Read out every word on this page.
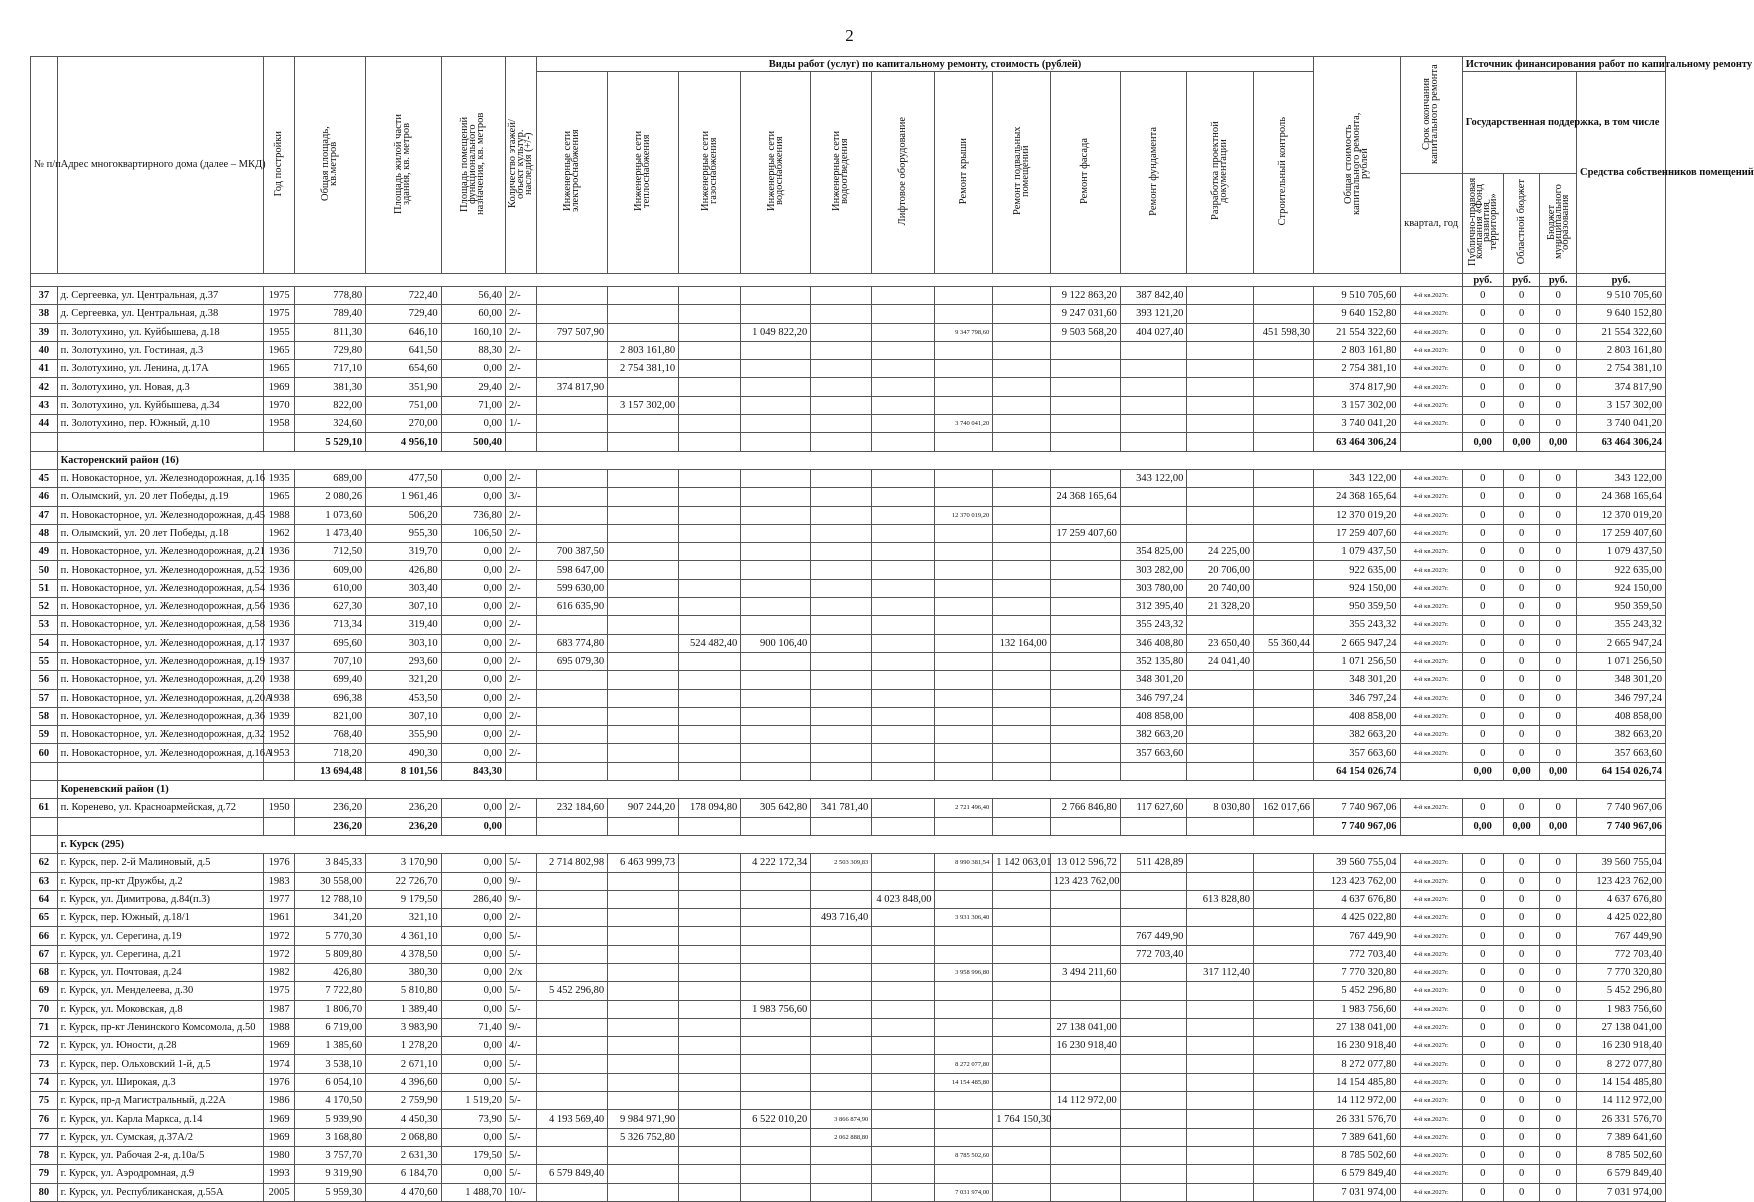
2
№ п/п	Адрес многоквартирного дома (далее – МКД)	Год постройки	Общая площадь, кв.метров	Площадь жилой части здания, кв. метров	Площадь помещений функционального назначения, кв. метров	Количество этажей/объект культур. наследия (+/-)	Виды работ (услуг) по капитальному ремонту, стоимость (рублей)												Общая стоимость капитального ремонта, рублей	Срок окончания капитального ремонта	Источник финансирования работ по капитальному ремонту			
							Инженерные сети электроснабжения	Инженерные сети теплоснабжения	Инженерные сети газоснабжения	Инженерные сети водоснабжения	Инженерные сети водоотведения	Лифтовое оборудование	Ремонт крыши	Ремонт подвальных помещений	Ремонт фасада	Ремонт фундамента	Разработка проектной документации	Строительный контроль			Государственная поддержка, в том числе			Средства собственников помещений
																				квартал, год	Публично-правовая компания «Фонд развития территорий»	Областной бюджет	Бюджет муниципального образования	
																					руб.	руб.	руб.	руб.
37	д. Сергеевка, ул. Центральная, д.37	1975	778,80	722,40	56,40	2/-									9 122 863,20	387 842,40			9 510 705,60	4-й кв.2027г.	0	0	0	9 510 705,60
38	д. Сергеевка, ул. Центральная, д.38	1975	789,40	729,40	60,00	2/-									9 247 031,60	393 121,20			9 640 152,80	4-й кв.2027г.	0	0	0	9 640 152,80
39	п. Золотухино, ул. Куйбышева, д.18	1955	811,30	646,10	160,10	2/-	797 507,90			1 049 822,20			9 347 798,60		9 503 568,20	404 027,40		451 598,30	21 554 322,60	4-й кв.2027г.	0	0	0	21 554 322,60
40	п. Золотухино, ул. Гостиная, д.3	1965	729,80	641,50	88,30	2/-		2 803 161,80											2 803 161,80	4-й кв.2027г.	0	0	0	2 803 161,80
41	п. Золотухино, ул. Ленина, д.17А	1965	717,10	654,60	0,00	2/-		2 754 381,10											2 754 381,10	4-й кв.2027г.	0	0	0	2 754 381,10
42	п. Золотухино, ул. Новая, д.3	1969	381,30	351,90	29,40	2/-	374 817,90												374 817,90	4-й кв.2027г.	0	0	0	374 817,90
43	п. Золотухино, ул. Куйбышева, д.34	1970	822,00	751,00	71,00	2/-		3 157 302,00											3 157 302,00	4-й кв.2027г.	0	0	0	3 157 302,00
44	п. Золотухино, пер. Южный, д.10	1958	324,60	270,00	0,00	1/-							3 740 041,20						3 740 041,20	4-й кв.2027г.	0	0	0	3 740 041,20
			5 529,10	4 956,10	500,40														63 464 306,24		0,00	0,00	0,00	63 464 306,24
	Касторенский район (16)																							
45	п. Новокасторное, ул. Железнодорожная, д.16	1935	689,00	477,50	0,00	2/-										343 122,00			343 122,00	4-й кв.2027г.	0	0	0	343 122,00
46	п. Олымский, ул. 20 лет Победы, д.19	1965	2 080,26	1 961,46	0,00	3/-									24 368 165,64				24 368 165,64	4-й кв.2027г.	0	0	0	24 368 165,64
47	п. Новокасторное, ул. Железнодорожная, д.45	1988	1 073,60	506,20	736,80	2/-							12 370 019,20						12 370 019,20	4-й кв.2027г.	0	0	0	12 370 019,20
48	п. Олымский, ул. 20 лет Победы, д.18	1962	1 473,40	955,30	106,50	2/-									17 259 407,60				17 259 407,60	4-й кв.2027г.	0	0	0	17 259 407,60
49	п. Новокасторное, ул. Железнодорожная, д.21	1936	712,50	319,70	0,00	2/-	700 387,50									354 825,00	24 225,00		1 079 437,50	4-й кв.2027г.	0	0	0	1 079 437,50
50	п. Новокасторное, ул. Железнодорожная, д.52	1936	609,00	426,80	0,00	2/-	598 647,00									303 282,00	20 706,00		922 635,00	4-й кв.2027г.	0	0	0	922 635,00
51	п. Новокасторное, ул. Железнодорожная, д.54	1936	610,00	303,40	0,00	2/-	599 630,00									303 780,00	20 740,00		924 150,00	4-й кв.2027г.	0	0	0	924 150,00
52	п. Новокасторное, ул. Железнодорожная, д.56	1936	627,30	307,10	0,00	2/-	616 635,90									312 395,40	21 328,20		950 359,50	4-й кв.2027г.	0	0	0	950 359,50
53	п. Новокасторное, ул. Железнодорожная, д.58	1936	713,34	319,40	0,00	2/-										355 243,32			355 243,32	4-й кв.2027г.	0	0	0	355 243,32
54	п. Новокасторное, ул. Железнодорожная, д.17	1937	695,60	303,10	0,00	2/-	683 774,80		524 482,40	900 106,40				132 164,00		346 408,80	23 650,40	55 360,44	2 665 947,24	4-й кв.2027г.	0	0	0	2 665 947,24
55	п. Новокасторное, ул. Железнодорожная, д.19	1937	707,10	293,60	0,00	2/-	695 079,30									352 135,80	24 041,40		1 071 256,50	4-й кв.2027г.	0	0	0	1 071 256,50
56	п. Новокасторное, ул. Железнодорожная, д.20	1938	699,40	321,20	0,00	2/-										348 301,20			348 301,20	4-й кв.2027г.	0	0	0	348 301,20
57	п. Новокасторное, ул. Железнодорожная, д.20А	1938	696,38	453,50	0,00	2/-										346 797,24			346 797,24	4-й кв.2027г.	0	0	0	346 797,24
58	п. Новокасторное, ул. Железнодорожная, д.36	1939	821,00	307,10	0,00	2/-										408 858,00			408 858,00	4-й кв.2027г.	0	0	0	408 858,00
59	п. Новокасторное, ул. Железнодорожная, д.32	1952	768,40	355,90	0,00	2/-										382 663,20			382 663,20	4-й кв.2027г.	0	0	0	382 663,20
60	п. Новокасторное, ул. Железнодорожная, д.16А	1953	718,20	490,30	0,00	2/-										357 663,60			357 663,60	4-й кв.2027г.	0	0	0	357 663,60
			13 694,48	8 101,56	843,30														64 154 026,74		0,00	0,00	0,00	64 154 026,74
	Кореневский район (1)																							
61	п. Коренево, ул. Красноармейская, д.72	1950	236,20	236,20	0,00	2/-	232 184,60	907 244,20	178 094,80	305 642,80	341 781,40		2 721 496,40		2 766 846,80	117 627,60	8 030,80	162 017,66	7 740 967,06	4-й кв.2027г.	0	0	0	7 740 967,06
			236,20	236,20	0,00														7 740 967,06		0,00	0,00	0,00	7 740 967,06
	г. Курск (295)																							
62	г. Курск, пер. 2-й Малиновый, д.5	1976	3 845,33	3 170,90	0,00	5/-	2 714 802,98	6 463 999,73		4 222 172,34	2 503 309,83		8 990 381,54	1 142 063,01	13 012 596,72	511 428,89			39 560 755,04	4-й кв.2027г.	0	0	0	39 560 755,04
63	г. Курск, пр-кт Дружбы, д.2	1983	30 558,00	22 726,70	0,00	9/-									123 423 762,00				123 423 762,00	4-й кв.2027г.	0	0	0	123 423 762,00
64	г. Курск, ул. Димитрова, д.84(п.3)	1977	12 788,10	9 179,50	286,40	9/-						4 023 848,00					613 828,80		4 637 676,80	4-й кв.2027г.	0	0	0	4 637 676,80
65	г. Курск, пер. Южный, д.18/1	1961	341,20	321,10	0,00	2/-					493 716,40		3 931 306,40						4 425 022,80	4-й кв.2027г.	0	0	0	4 425 022,80
66	г. Курск, ул. Серегина, д.19	1972	5 770,30	4 361,10	0,00	5/-										767 449,90			767 449,90	4-й кв.2027г.	0	0	0	767 449,90
67	г. Курск, ул. Серегина, д.21	1972	5 809,80	4 378,50	0,00	5/-										772 703,40			772 703,40	4-й кв.2027г.	0	0	0	772 703,40
68	г. Курск, ул. Почтовая, д.24	1982	426,80	380,30	0,00	2/х							3 958 996,80		3 494 211,60		317 112,40		7 770 320,80	4-й кв.2027г.	0	0	0	7 770 320,80
69	г. Курск, ул. Менделеева, д.30	1975	7 722,80	5 810,80	0,00	5/-	5 452 296,80												5 452 296,80	4-й кв.2027г.	0	0	0	5 452 296,80
70	г. Курск, ул. Моковская, д.8	1987	1 806,70	1 389,40	0,00	5/-				1 983 756,60									1 983 756,60	4-й кв.2027г.	0	0	0	1 983 756,60
71	г. Курск, пр-кт Ленинского Комсомола, д.50	1988	6 719,00	3 983,90	71,40	9/-									27 138 041,00				27 138 041,00	4-й кв.2027г.	0	0	0	27 138 041,00
72	г. Курск, ул. Юности, д.28	1969	1 385,60	1 278,20	0,00	4/-									16 230 918,40				16 230 918,40	4-й кв.2027г.	0	0	0	16 230 918,40
73	г. Курск, пер. Ольховский 1-й, д.5	1974	3 538,10	2 671,10	0,00	5/-							8 272 077,80						8 272 077,80	4-й кв.2027г.	0	0	0	8 272 077,80
74	г. Курск, ул. Широкая, д.3	1976	6 054,10	4 396,60	0,00	5/-							14 154 485,80						14 154 485,80	4-й кв.2027г.	0	0	0	14 154 485,80
75	г. Курск, пр-д Магистральный, д.22А	1986	4 170,50	2 759,90	1 519,20	5/-									14 112 972,00				14 112 972,00	4-й кв.2027г.	0	0	0	14 112 972,00
76	г. Курск, ул. Карла Маркса, д.14	1969	5 939,90	4 450,30	73,90	5/-	4 193 569,40	9 984 971,90		6 522 010,20	3 866 874,90			1 764 150,30					26 331 576,70	4-й кв.2027г.	0	0	0	26 331 576,70
77	г. Курск, ул. Сумская, д.37А/2	1969	3 168,80	2 068,80	0,00	5/-		5 326 752,80			2 062 888,80								7 389 641,60	4-й кв.2027г.	0	0	0	7 389 641,60
78	г. Курск, ул. Рабочая 2-я, д.10а/5	1980	3 757,70	2 631,30	179,50	5/-							8 785 502,60						8 785 502,60	4-й кв.2027г.	0	0	0	8 785 502,60
79	г. Курск, ул. Аэродромная, д.9	1993	9 319,90	6 184,70	0,00	5/-	6 579 849,40												6 579 849,40	4-й кв.2027г.	0	0	0	6 579 849,40
80	г. Курск, ул. Республиканская, д.55А	2005	5 959,30	4 470,60	1 488,70	10/-							7 031 974,00						7 031 974,00	4-й кв.2027г.	0	0	0	7 031 974,00
